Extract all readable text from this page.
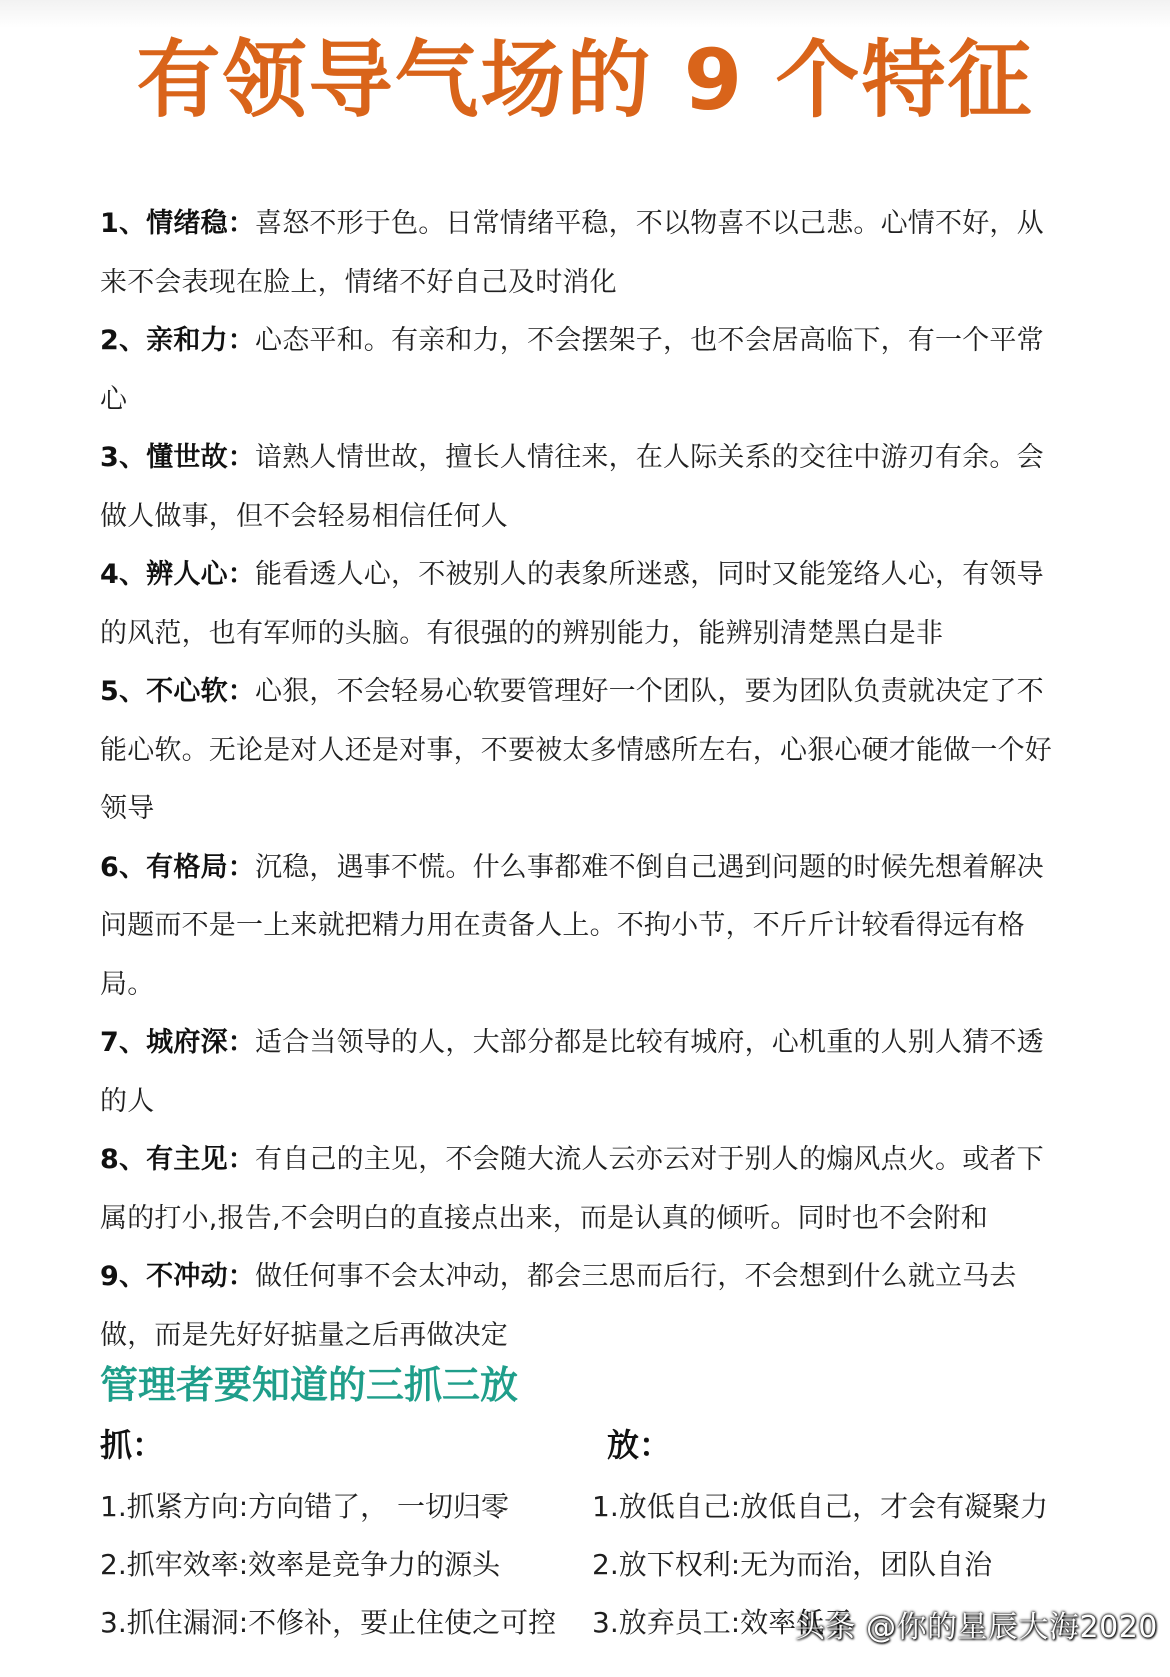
有领导气场的 9 个特征
1、情绪稳：喜怒不形于色。日常情绪平稳，不以物喜不以己悲。心情不好，从来不会表现在脸上，情绪不好自己及时消化
2、亲和力：心态平和。有亲和力，不会摆架子，也不会居高临下，有一个平常心
3、懂世故：谙熟人情世故，擅长人情往来，在人际关系的交往中游刃有余。会做人做事，但不会轻易相信任何人
4、辨人心：能看透人心，不被别人的表象所迷惑，同时又能笼络人心，有领导的风范，也有军师的头脑。有很强的的辨别能力，能辨别清楚黑白是非
5、不心软：心狠，不会轻易心软要管理好一个团队，要为团队负责就决定了不能心软。无论是对人还是对事，不要被太多情感所左右，心狠心硬才能做一个好领导
6、有格局：沉稳，遇事不慌。什么事都难不倒自己遇到问题的时候先想着解决问题而不是一上来就把精力用在责备人上。不拘小节，不斤斤计较看得远有格局。
7、城府深：适合当领导的人，大部分都是比较有城府，心机重的人别人猜不透的人
8、有主见：有自己的主见，不会随大流人云亦云对于别人的煽风点火。或者下属的打小,报告,不会明白的直接点出来，而是认真的倾听。同时也不会附和
9、不冲动：做任何事不会太冲动，都会三思而后行，不会想到什么就立马去做，而是先好好掂量之后再做决定
管理者要知道的三抓三放
抓：
1.抓紧方向:方向错了， 一切归零
2.抓牢效率:效率是竞争力的源头
3.抓住漏洞:不修补，要止住使之可控
放：
1.放低自己:放低自己，才会有凝聚力
2.放下权利:无为而治，团队自治
3.放弃员工:效率低于
头条 @你的星辰大海2020
